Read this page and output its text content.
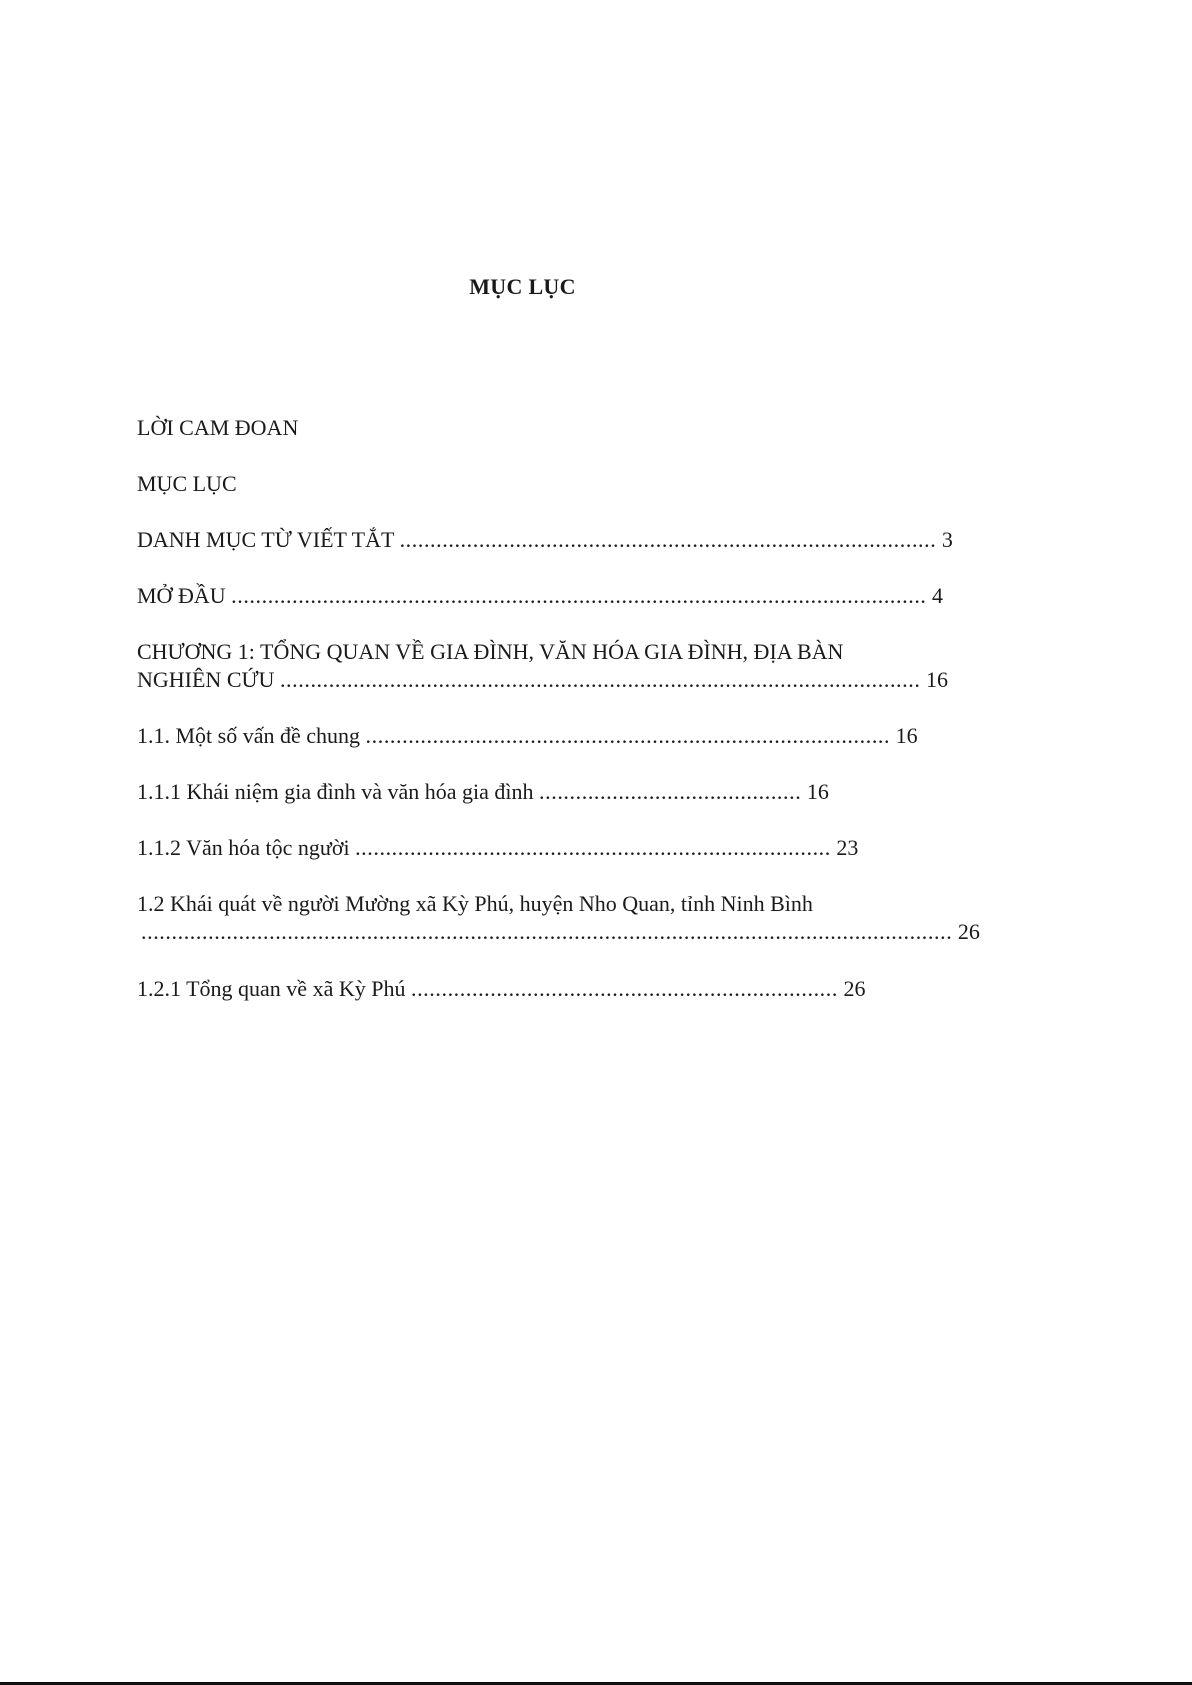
MỤC LỤC
LỜI CAM ĐOAN
MỤC LỤC
DANH MỤC TỪ VIẾT TẮT ........................................................................................ 3
MỞ ĐẦU .................................................................................................................. 4
CHƯƠNG 1: TỔNG QUAN VỀ GIA ĐÌNH, VĂN HÓA GIA ĐÌNH, ĐỊA BÀN
NGHIÊN CỨU ......................................................................................................... 16
1.1. Một số vấn đề chung ...................................................................................... 16
1.1.1 Khái niệm gia đình và văn hóa gia đình ........................................... 16
1.1.2 Văn hóa tộc người .............................................................................. 23
1.2 Khái quát về người Mường xã Kỳ Phú, huyện Nho Quan, tỉnh Ninh Bình
..................................................................................................................................... 26
1.2.1 Tổng quan về xã Kỳ Phú ...................................................................... 26
